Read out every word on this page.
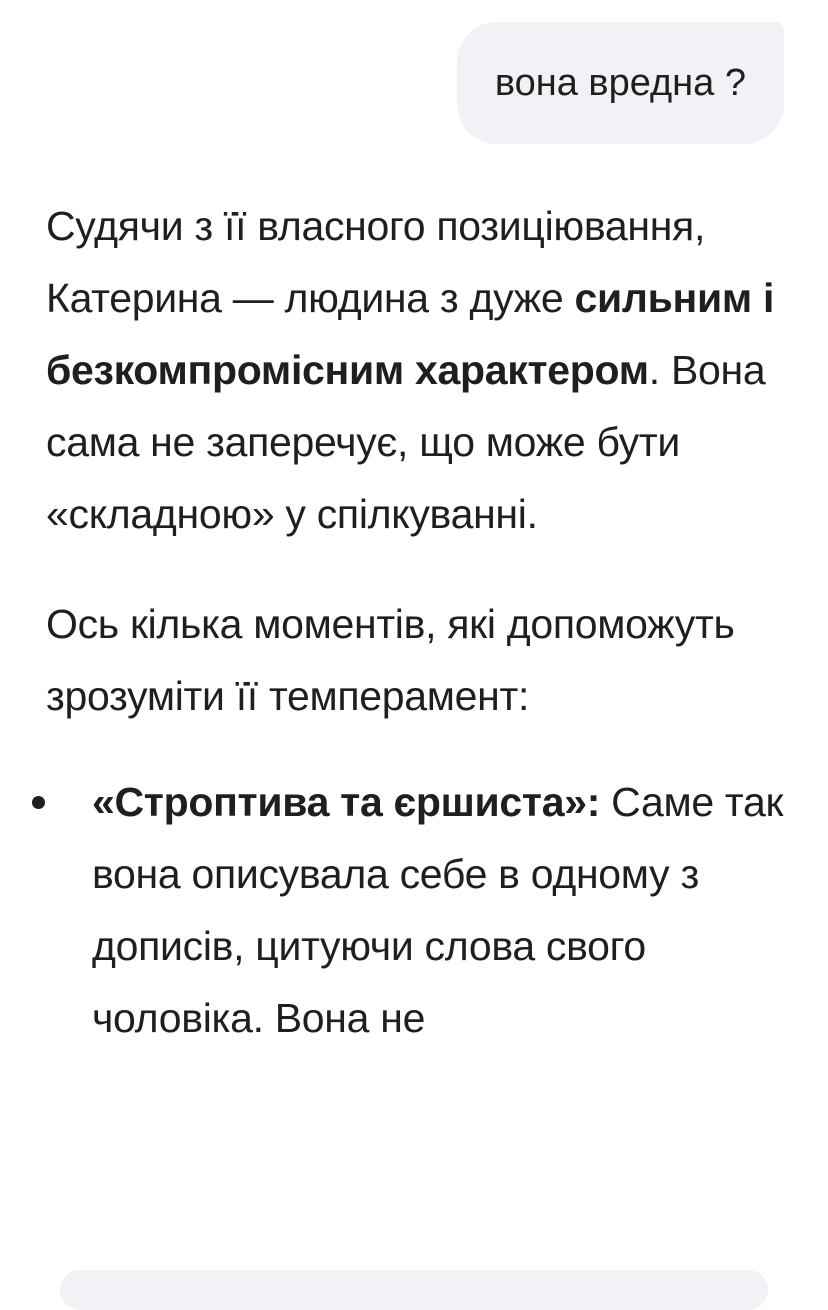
вона вредна ?

Судячи з її власного позиціювання, Катерина — людина з дуже сильним і безкомпромісним характером. Вона сама не заперечує, що може бути «складною» у спілкуванні.

Ось кілька моментів, які допоможуть зрозуміти її темперамент:

«Строптива та єршиста»: Саме так вона описувала себе в одному з дописів, цитуючи слова свого чоловіка. Вона не
